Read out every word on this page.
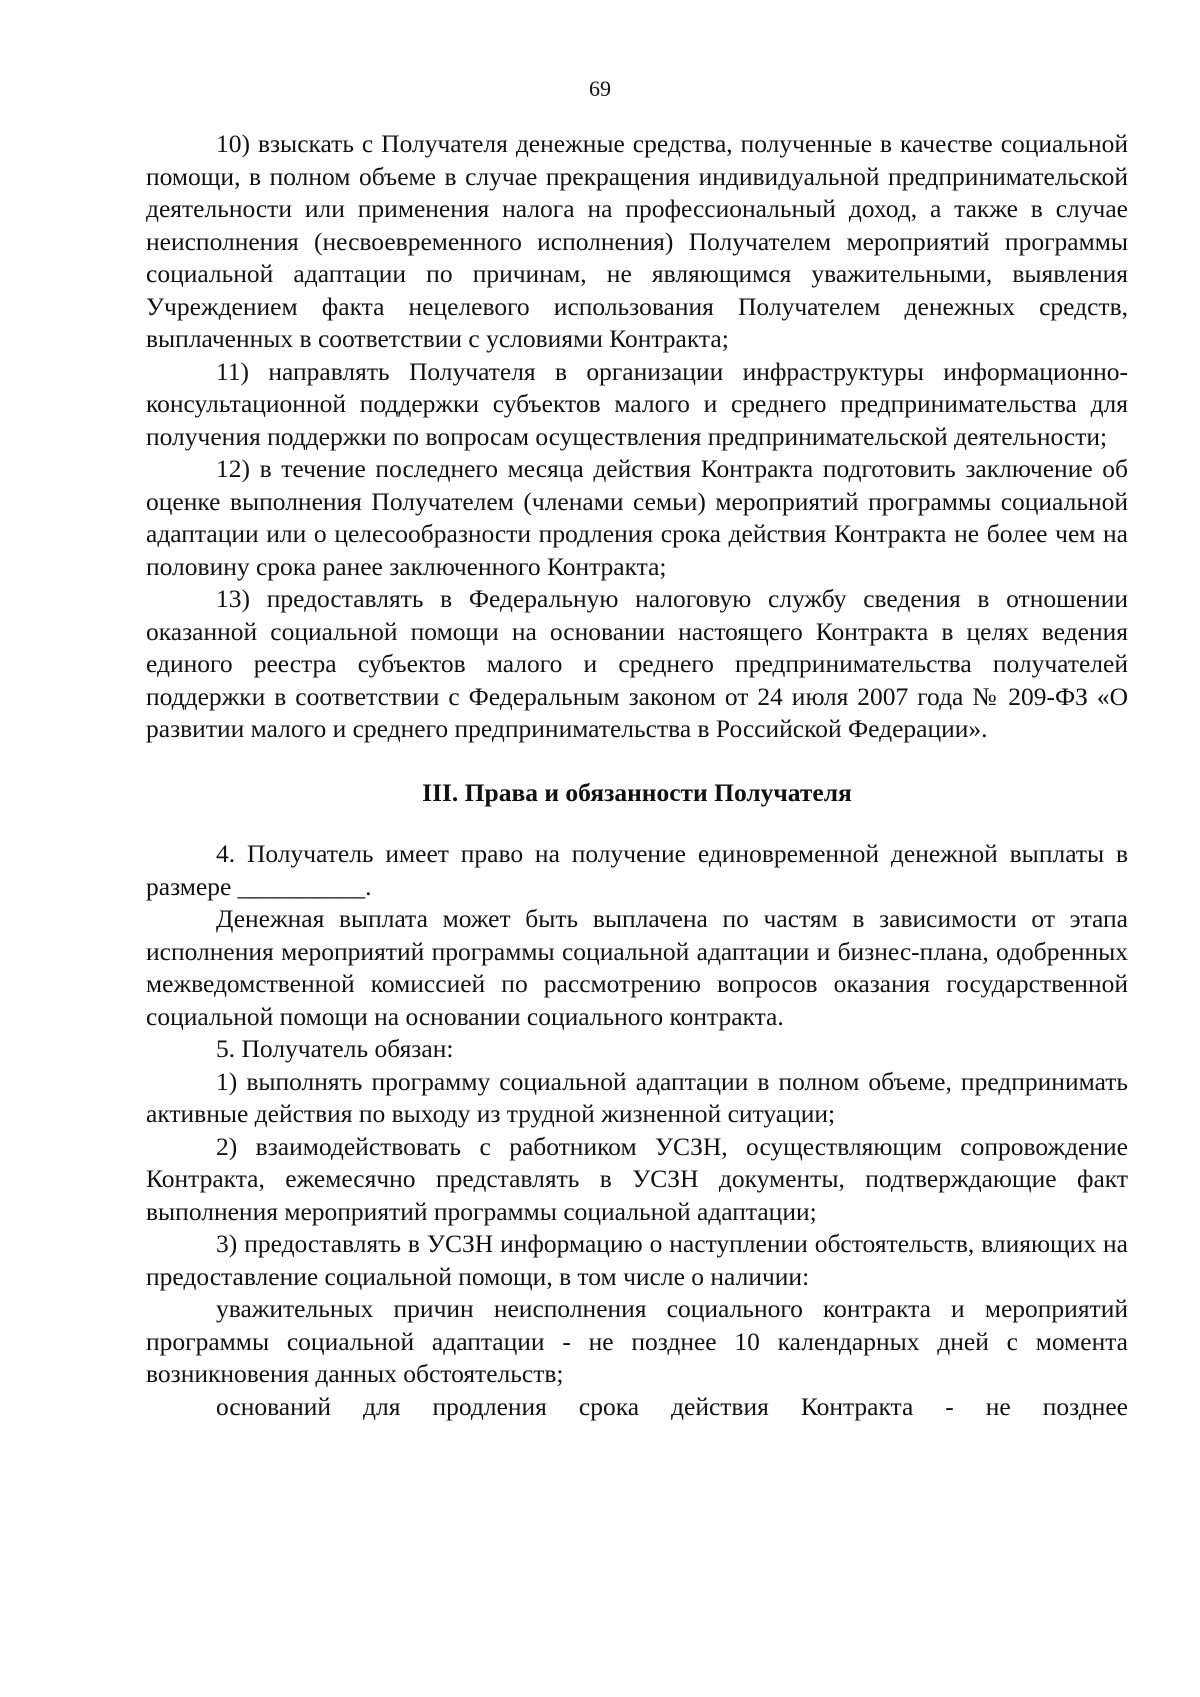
69

10) взыскать с Получателя денежные средства, полученные в качестве социальной помощи, в полном объеме в случае прекращения индивидуальной предпринимательской деятельности или применения налога на профессиональный доход, а также в случае неисполнения (несвоевременного исполнения) Получателем мероприятий программы социальной адаптации по причинам, не являющимся уважительными, выявления Учреждением факта нецелевого использования Получателем денежных средств, выплаченных в соответствии с условиями Контракта;

11) направлять Получателя в организации инфраструктуры информационно-консультационной поддержки субъектов малого и среднего предпринимательства для получения поддержки по вопросам осуществления предпринимательской деятельности;

12) в течение последнего месяца действия Контракта подготовить заключение об оценке выполнения Получателем (членами семьи) мероприятий программы социальной адаптации или о целесообразности продления срока действия Контракта не более чем на половину срока ранее заключенного Контракта;

13) предоставлять в Федеральную налоговую службу сведения в отношении оказанной социальной помощи на основании настоящего Контракта в целях ведения единого реестра субъектов малого и среднего предпринимательства получателей поддержки в соответствии с Федеральным законом от 24 июля 2007 года № 209-ФЗ «О развитии малого и среднего предпринимательства в Российской Федерации».

III. Права и обязанности Получателя

4. Получатель имеет право на получение единовременной денежной выплаты в размере __________.

Денежная выплата может быть выплачена по частям в зависимости от этапа исполнения мероприятий программы социальной адаптации и бизнес-плана, одобренных межведомственной комиссией по рассмотрению вопросов оказания государственной социальной помощи на основании социального контракта.

5. Получатель обязан:

1) выполнять программу социальной адаптации в полном объеме, предпринимать активные действия по выходу из трудной жизненной ситуации;

2) взаимодействовать с работником УСЗН, осуществляющим сопровождение Контракта, ежемесячно представлять в УСЗН документы, подтверждающие факт выполнения мероприятий программы социальной адаптации;

3) предоставлять в УСЗН информацию о наступлении обстоятельств, влияющих на предоставление социальной помощи, в том числе о наличии:

уважительных причин неисполнения социального контракта и мероприятий программы социальной адаптации - не позднее 10 календарных дней с момента возникновения данных обстоятельств;

оснований для продления срока действия Контракта - не позднее
